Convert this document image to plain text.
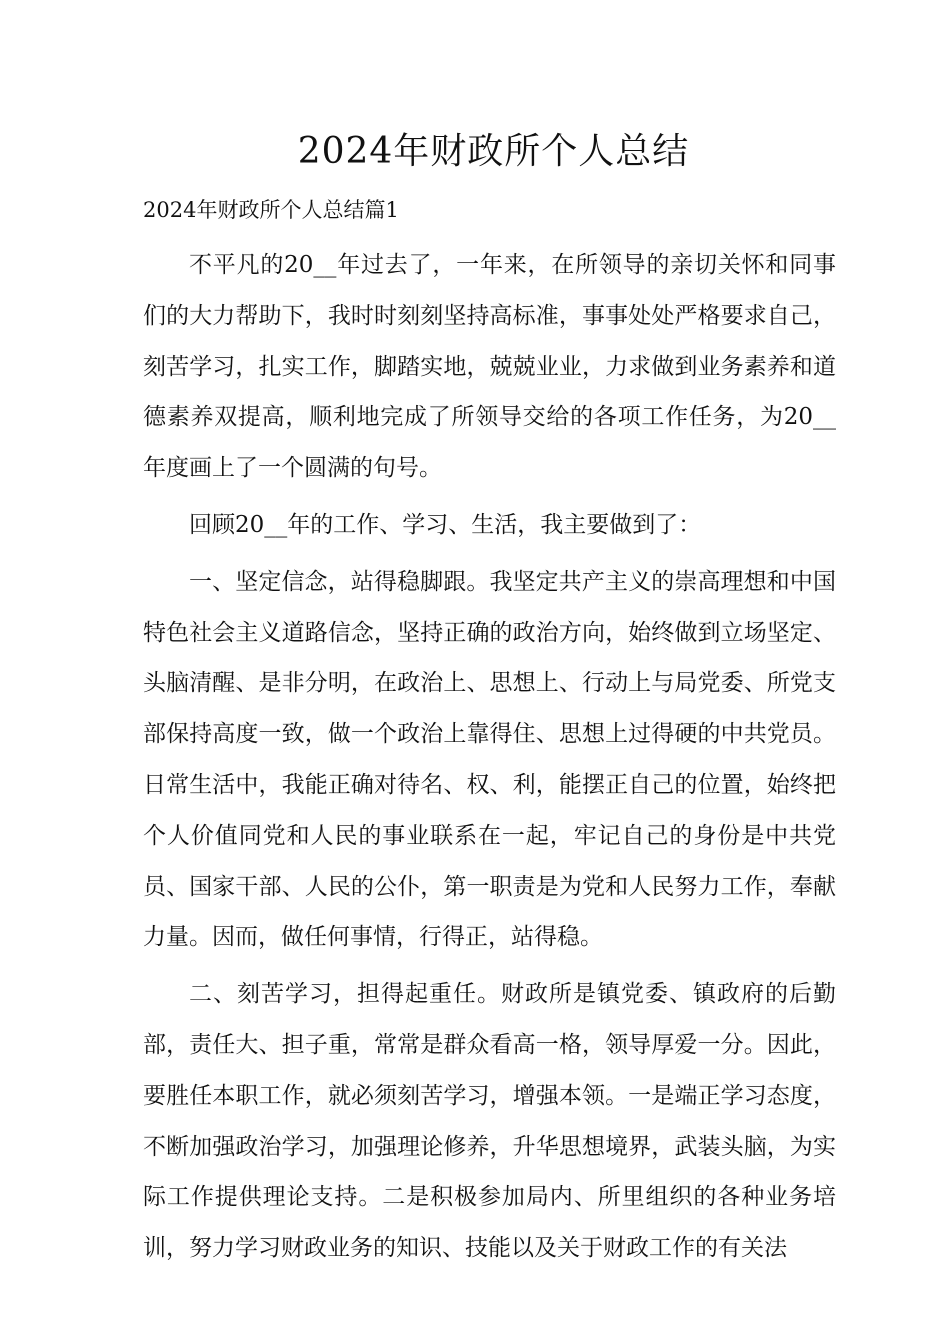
2024年财政所个人总结
2024年财政所个人总结篇1

不平凡的20__年过去了，一年来，在所领导的亲切关怀和同事们的大力帮助下，我时时刻刻坚持高标准，事事处处严格要求自己，刻苦学习，扎实工作，脚踏实地，兢兢业业，力求做到业务素养和道德素养双提高，顺利地完成了所领导交给的各项工作任务，为20__年度画上了一个圆满的句号。

回顾20__年的工作、学习、生活，我主要做到了：

一、坚定信念，站得稳脚跟。我坚定共产主义的崇高理想和中国特色社会主义道路信念，坚持正确的政治方向，始终做到立场坚定、头脑清醒、是非分明，在政治上、思想上、行动上与局党委、所党支部保持高度一致，做一个政治上靠得住、思想上过得硬的中共党员。日常生活中，我能正确对待名、权、利，能摆正自己的位置，始终把个人价值同党和人民的事业联系在一起，牢记自己的身份是中共党员、国家干部、人民的公仆，第一职责是为党和人民努力工作，奉献力量。因而，做任何事情，行得正，站得稳。

二、刻苦学习，担得起重任。财政所是镇党委、镇政府的后勤部，责任大、担子重，常常是群众看高一格，领导厚爱一分。因此，要胜任本职工作，就必须刻苦学习，增强本领。一是端正学习态度，不断加强政治学习，加强理论修养，升华思想境界，武装头脑，为实际工作提供理论支持。二是积极参加局内、所里组织的各种业务培训，努力学习财政业务的知识、技能以及关于财政工作的有关法
